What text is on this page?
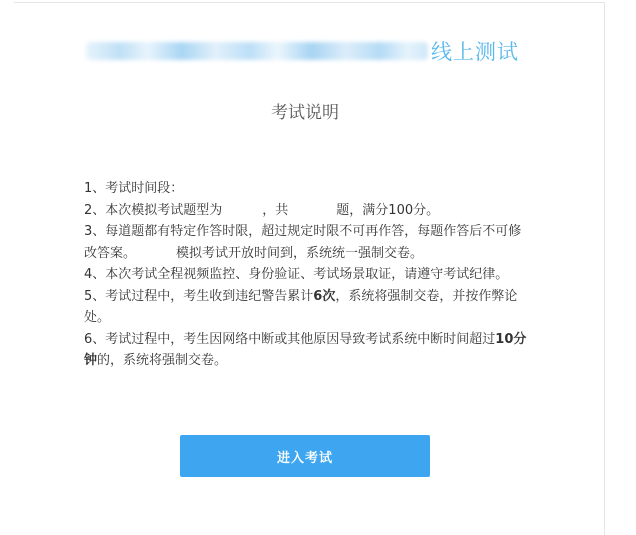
线上测试
考试说明

1、考试时间段：

2、本次模拟考试题型为	，共	题，满分100分。

3、每道题都有特定作答时限，超过规定时限不可再作答，每题作答后不可修改答案。	模拟考试开放时间到，系统统一强制交卷。

4、本次考试全程视频监控、身份验证、考试场景取证，请遵守考试纪律。

5、考试过程中，考生收到违纪警告累计6次，系统将强制交卷，并按作弊论处。

6、考试过程中，考生因网络中断或其他原因导致考试系统中断时间超过10分钟的，系统将强制交卷。

进入考试
